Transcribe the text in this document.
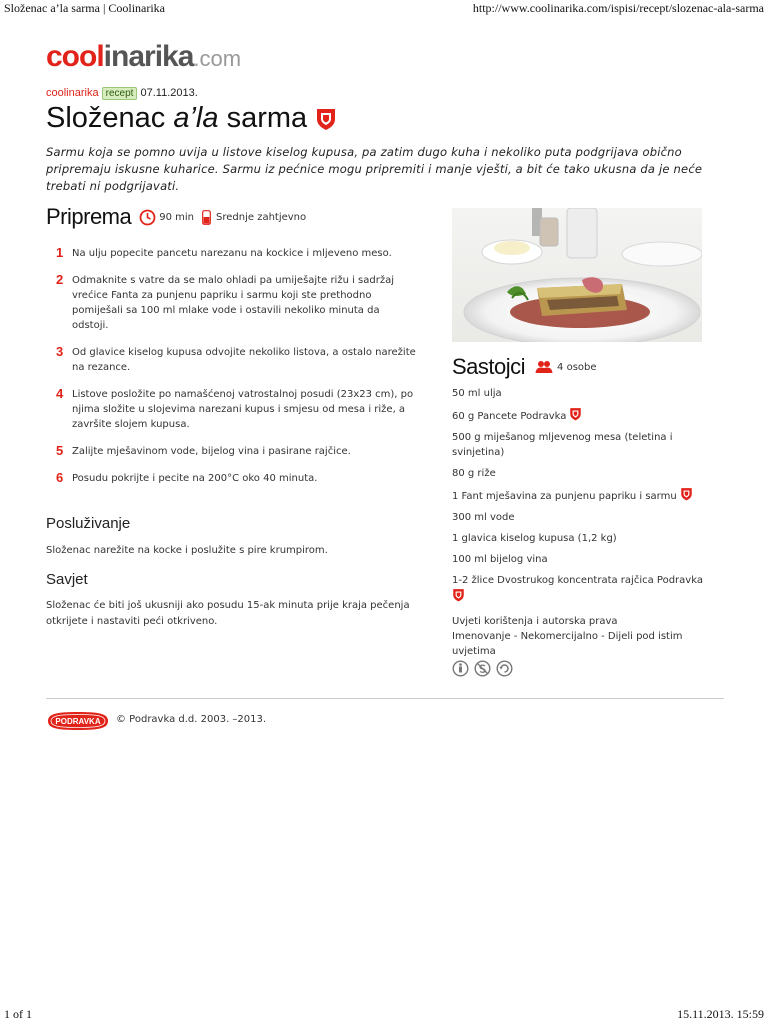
Složenac a’la sarma | Coolinarika	http://www.coolinarika.com/ispisi/recept/slozenac-ala-sarma
coolinarika.com
coolinarika recept 07.11.2013.
Složenac a’la sarma
Sarmu koja se pomno uvija u listove kiselog kupusa, pa zatim dugo kuha i nekoliko puta podgrijava obično pripremaju iskusne kuharice. Sarmu iz pećnice mogu pripremiti i manje vješti, a bit će tako ukusna da je neće trebati ni podgrijavati.
Priprema	90 min Srednje zahtjevno
1 Na ulju popecite pancetu narezanu na kockice i mljeveno meso.
2 Odmaknite s vatre da se malo ohladi pa umiješajte rižu i sadržaj vrećice Fanta za punjenu papriku i sarmu koji ste prethodno pomiješali sa 100 ml mlake vode i ostavili nekoliko minuta da odstoji.
3 Od glavice kiselog kupusa odvojite nekoliko listova, a ostalo narežite na rezance.
4 Listove posložite po namašćenoj vatrostalnoj posudi (23x23 cm), po njima složite u slojevima narezani kupus i smjesu od mesa i riže, a završite slojem kupusa.
5 Zalijte mješavinom vode, bijelog vina i pasirane rajčice.
6 Posudu pokrijte i pecite na 200°C oko 40 minuta.
Posluživanje
Složenac narežite na kocke i poslužite s pire krumpirom.
Savjet
Složenac će biti još ukusniji ako posudu 15-ak minuta prije kraja pečenja otkrijete i nastaviti peći otkriveno.
Sastojci	4 osobe
50 ml ulja
60 g Pancete Podravka
500 g miješanog mljevenog mesa (teletina i svinjetina)
80 g riže
1 Fant mješavina za punjenu papriku i sarmu
300 ml vode
1 glavica kiselog kupusa (1,2 kg)
100 ml bijelog vina
1-2 žlice Dvostrukog koncentrata rajčica Podravka

Uvjeti korištenja i autorska prava
Imenovanje - Nekomercijalno - Dijeli pod istim uvjetima
PODRAVKA © Podravka d.d. 2003. –2013.
1 of 1	15.11.2013. 15:59
